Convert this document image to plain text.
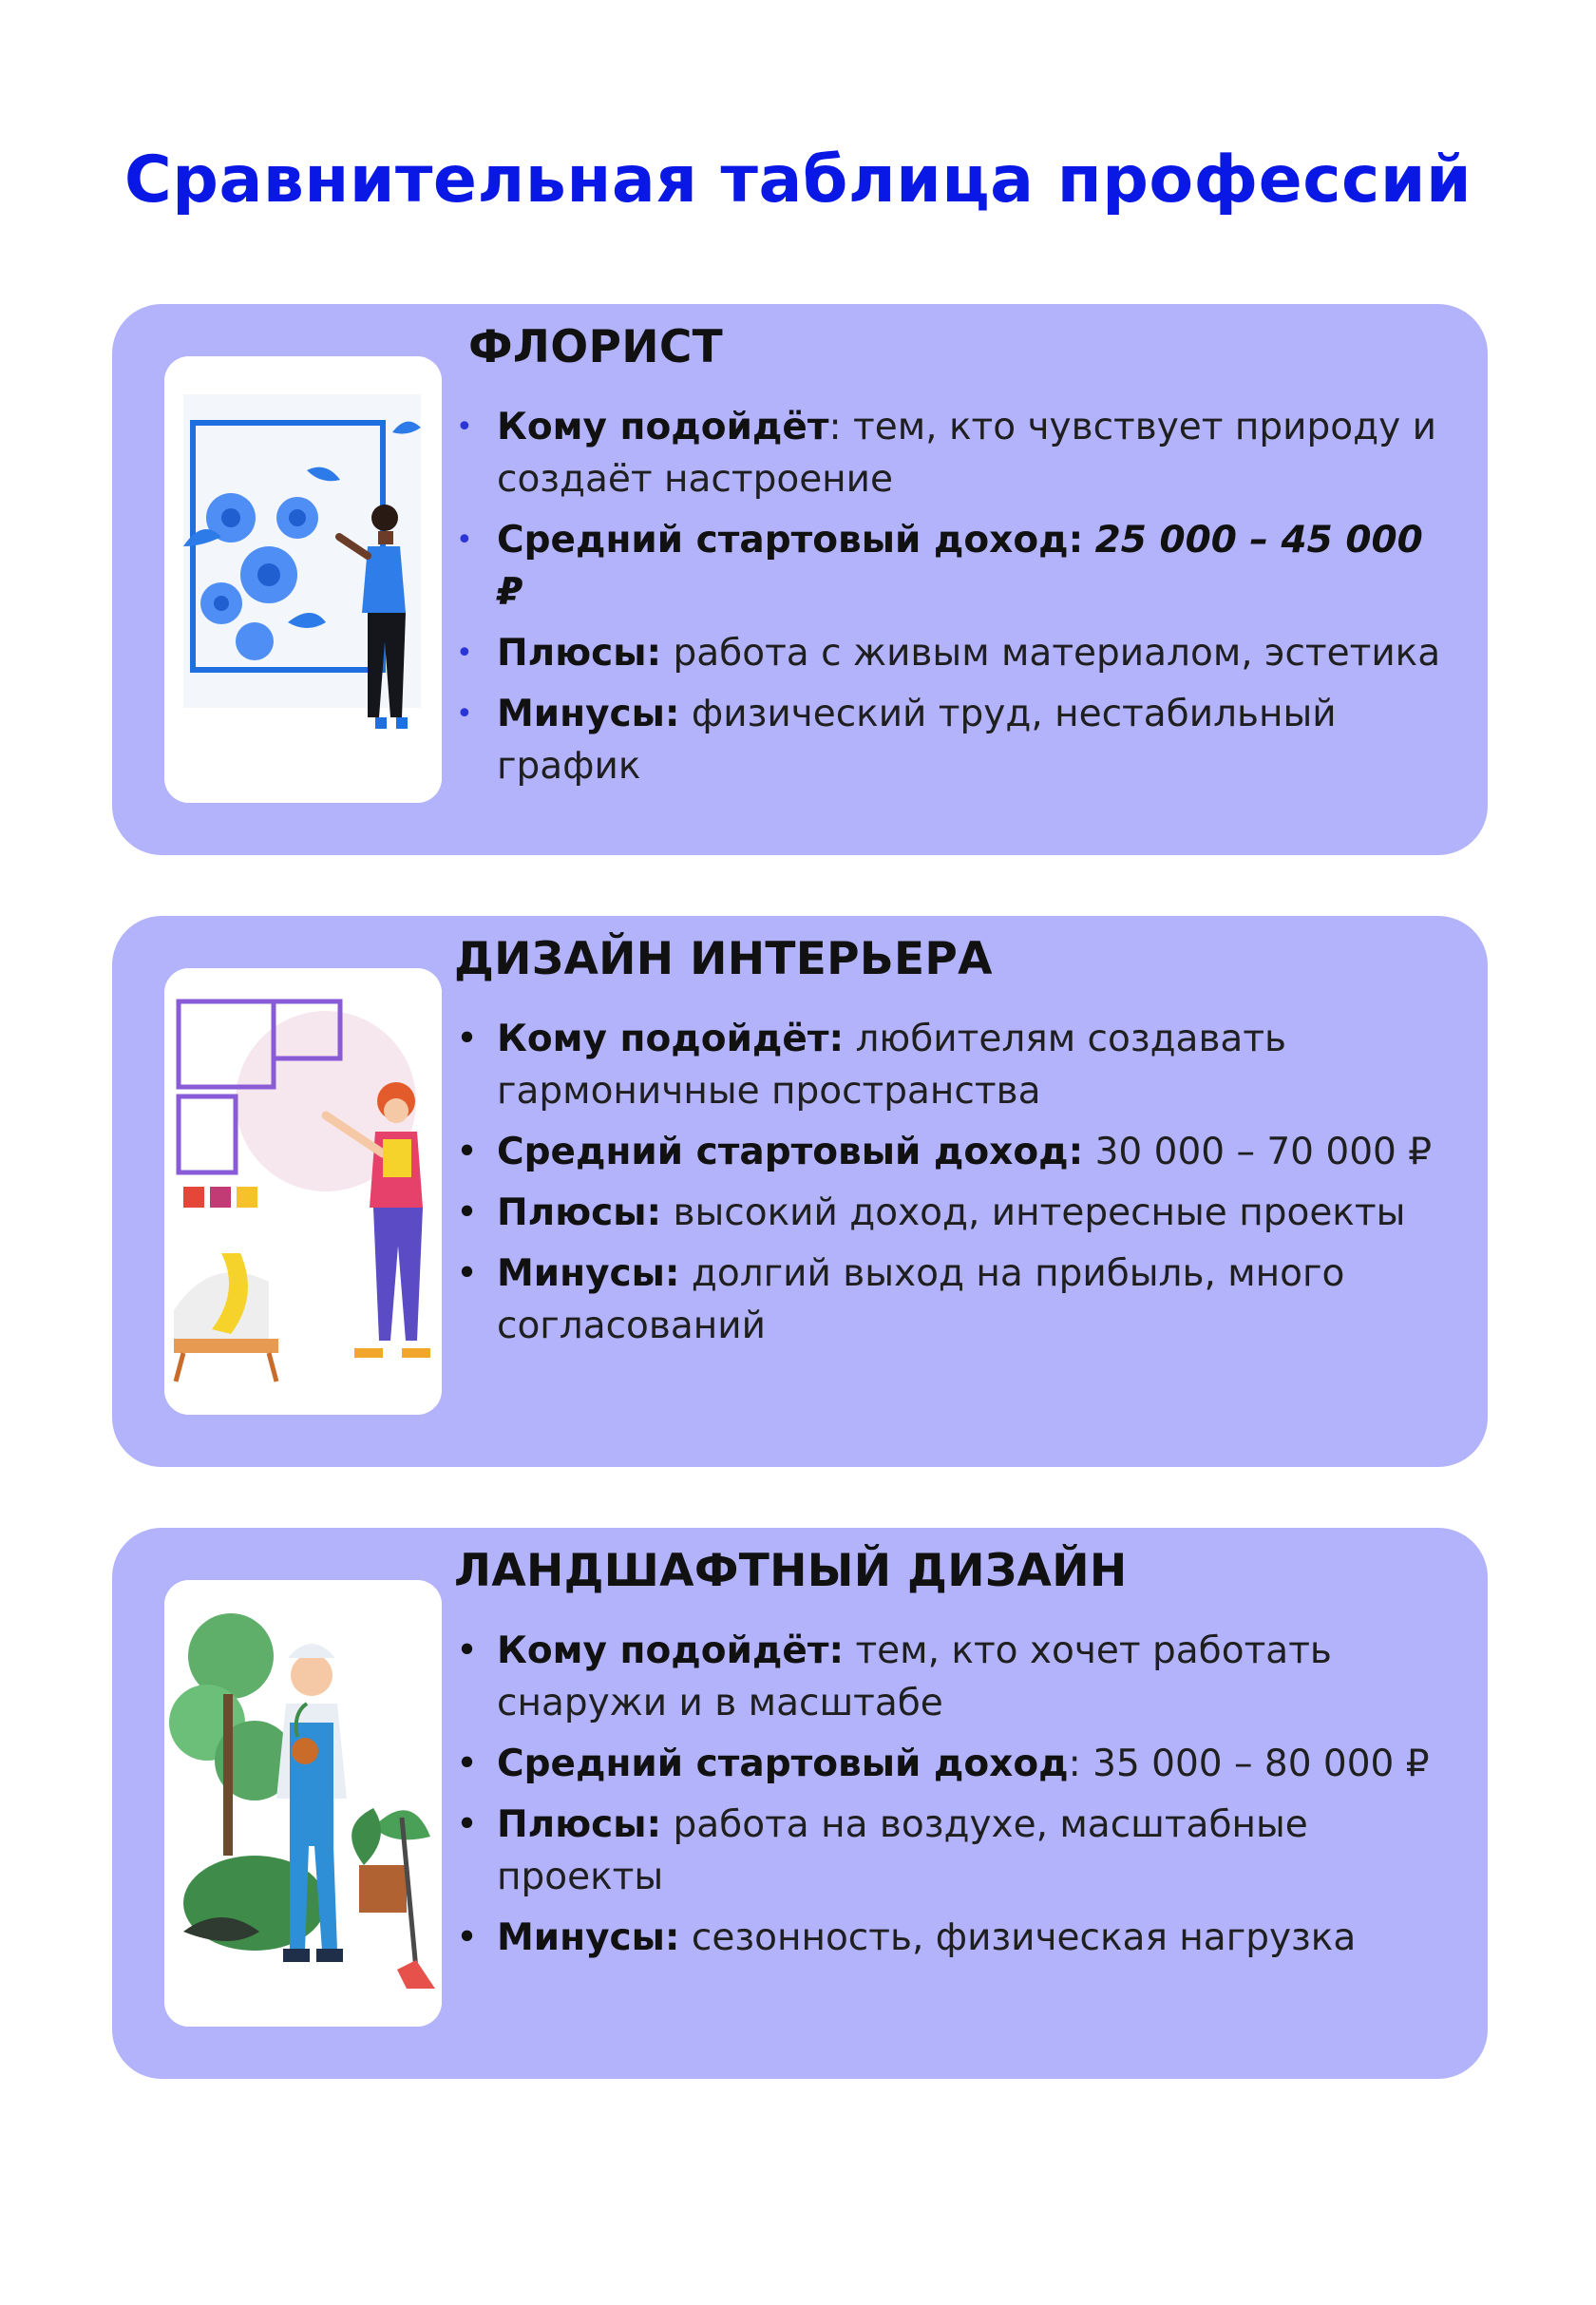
Сравнительная таблица профессий
ФЛОРИСТ
• Кому подойдёт: тем, кто чувствует природу и создаёт настроение
• Средний стартовый доход: 25 000 – 45 000 ₽
• Плюсы: работа с живым материалом, эстетика
• Минусы: физический труд, нестабильный график
ДИЗАЙН ИНТЕРЬЕРА
• Кому подойдёт: любителям создавать гармоничные пространства
• Средний стартовый доход: 30 000 – 70 000 ₽
• Плюсы: высокий доход, интересные проекты
• Минусы: долгий выход на прибыль, много согласований
ЛАНДШАФТНЫЙ ДИЗАЙН
• Кому подойдёт: тем, кто хочет работать снаружи и в масштабе
• Средний стартовый доход: 35 000 – 80 000 ₽
• Плюсы: работа на воздухе, масштабные проекты
• Минусы: сезонность, физическая нагрузка
